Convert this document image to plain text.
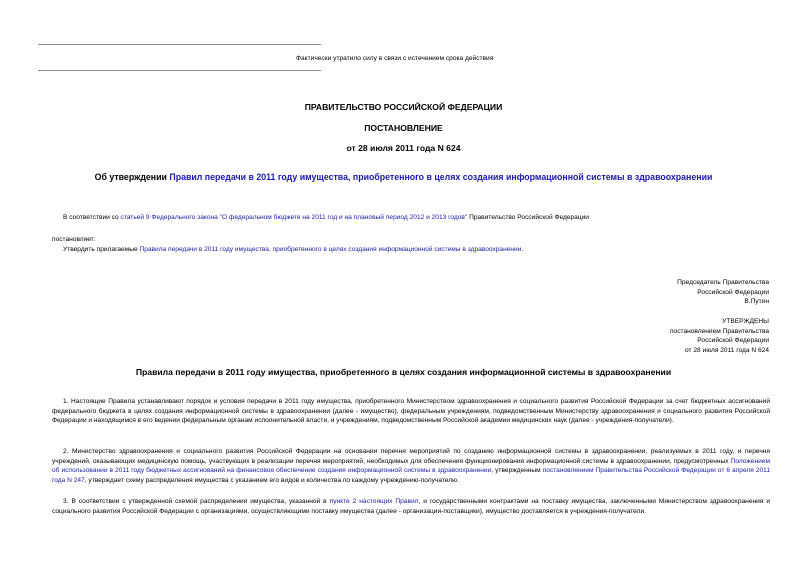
Фактически утратило силу в связи с истечением срока действия
ПРАВИТЕЛЬСТВО РОССИЙСКОЙ ФЕДЕРАЦИИ
ПОСТАНОВЛЕНИЕ
от 28 июля 2011 года N 624
Об утверждении Правил передачи в 2011 году имущества, приобретенного в целях создания информационной системы в здравоохранении
В соответствии со статьей 9 Федерального закона "О федеральном бюджете на 2011 год и на плановый период 2012 и 2013 годов" Правительство Российской Федерации
постановляет:
Утвердить прилагаемые Правила передачи в 2011 году имущества, приобретенного в целях создания информационной системы в здравоохранении.
Председатель Правительства
Российской Федерации
В.Путин
УТВЕРЖДЕНЫ
постановлением Правительства
Российской Федерации
от 28 июля 2011 года N 624
Правила передачи в 2011 году имущества, приобретенного в целях создания информационной системы в здравоохранении
1. Настоящие Правила устанавливают порядок и условия передачи в 2011 году имущества, приобретенного Министерством здравоохранения и социального развития Российской Федерации за счет бюджетных ассигнований федерального бюджета в целях создания информационной системы в здравоохранении (далее - имущество), федеральным учреждениям, подведомственным Министерству здравоохранения и социального развития Российской Федерации и находящимся в его ведении федеральным органам исполнительной власти, и учреждениям, подведомственным Российской академии медицинских наук (далее - учреждения-получатели).
2. Министерство здравоохранения и социального развития Российской Федерации на основании перечня мероприятий по созданию информационной системы в здравоохранении, реализуемых в 2011 году, и перечня учреждений, оказывающих медицинскую помощь, участвующих в реализации перечня мероприятий, необходимых для обеспечения функционирования информационной системы в здравоохранении, предусмотренных Положением об использовании в 2011 году бюджетных ассигнований на финансовое обеспечение создания информационной системы в здравоохранении, утвержденным постановлением Правительства Российской Федерации от 6 апреля 2011 года N 247, утверждает схему распределения имущества с указанием его видов и количества по каждому учреждению-получателю.
3. В соответствии с утвержденной схемой распределения имущества, указанной в пункте 2 настоящих Правил, и государственными контрактами на поставку имущества, заключенными Министерством здравоохранения и социального развития Российской Федерации с организациями, осуществляющими поставку имущества (далее - организации-поставщики), имущество доставляется в учреждения-получатели.
